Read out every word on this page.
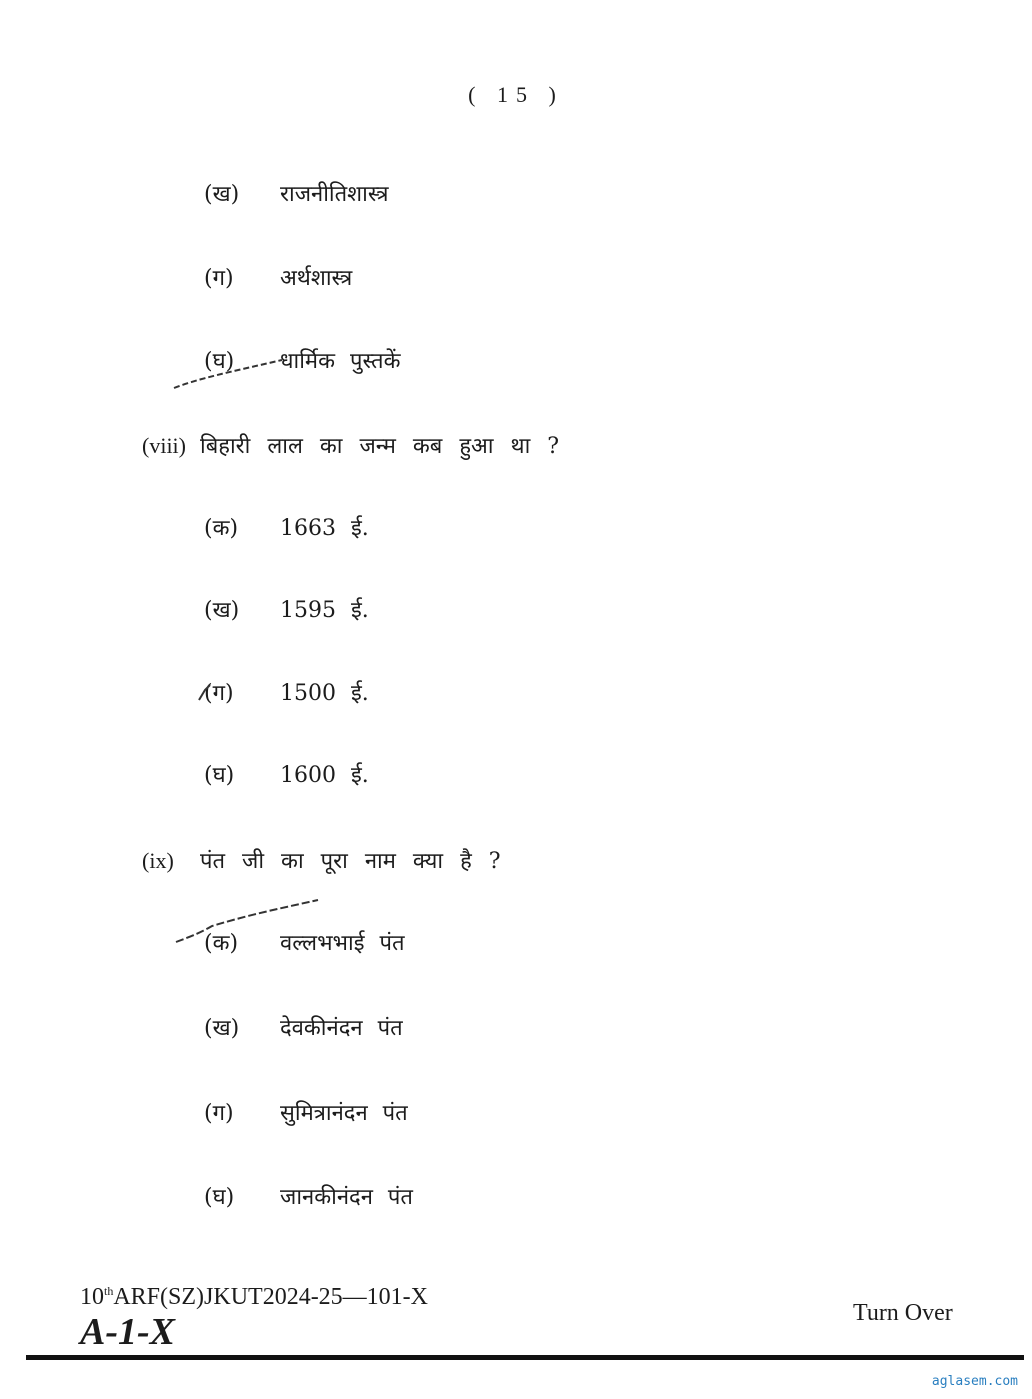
( 15 )
(ख) राजनीतिशास्त्र
(ग) अर्थशास्त्र
(घ) धार्मिक पुस्तकें
(viii) बिहारी लाल का जन्म कब हुआ था ?
(क) 1663 ई.
(ख) 1595 ई.
(ग) 1500 ई.
(घ) 1600 ई.
(ix) पंत जी का पूरा नाम क्या है ?
(क) वल्लभभाई पंत
(ख) देवकीनंदन पंत
(ग) सुमित्रानंदन पंत
(घ) जानकीनंदन पंत
10thARF(SZ)JKUT2024-25—101-X
A-1-X	Turn Over
aglasem.com
